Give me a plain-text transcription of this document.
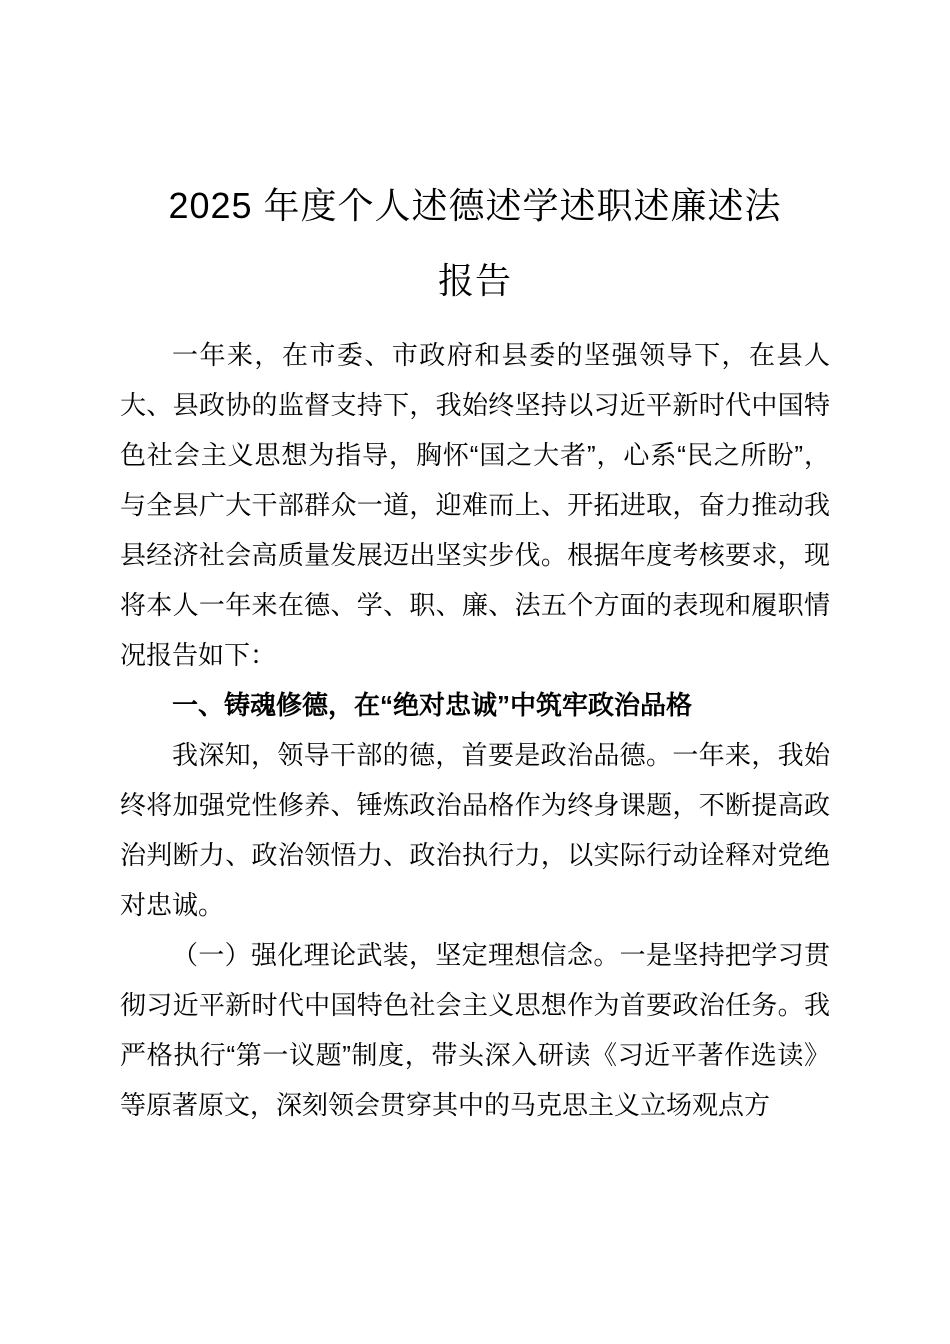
2025 年度个人述德述学述职述廉述法
报告

一年来，在市委、市政府和县委的坚强领导下，在县人大、县政协的监督支持下，我始终坚持以习近平新时代中国特色社会主义思想为指导，胸怀“国之大者”，心系“民之所盼”，与全县广大干部群众一道，迎难而上、开拓进取，奋力推动我县经济社会高质量发展迈出坚实步伐。根据年度考核要求，现将本人一年来在德、学、职、廉、法五个方面的表现和履职情况报告如下：

一、铸魂修德，在“绝对忠诚”中筑牢政治品格

我深知，领导干部的德，首要是政治品德。一年来，我始终将加强党性修养、锤炼政治品格作为终身课题，不断提高政治判断力、政治领悟力、政治执行力，以实际行动诠释对党绝对忠诚。

（一）强化理论武装，坚定理想信念。一是坚持把学习贯彻习近平新时代中国特色社会主义思想作为首要政治任务。我严格执行“第一议题”制度，带头深入研读《习近平著作选读》等原著原文，深刻领会贯穿其中的马克思主义立场观点方
